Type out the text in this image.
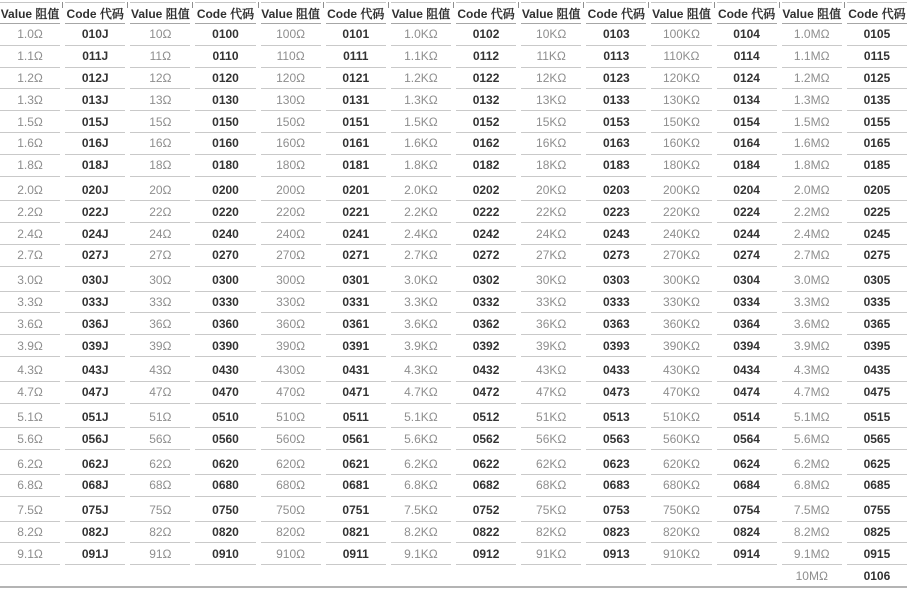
Value 阻值	Code 代码	Value 阻值	Code 代码	Value 阻值	Code 代码	Value 阻值	Code 代码	Value 阻值	Code 代码	Value 阻值	Code 代码	Value 阻值	Code 代码
1.0Ω	010J	10Ω	0100	100Ω	0101	1.0KΩ	0102	10KΩ	0103	100KΩ	0104	1.0MΩ	0105
1.1Ω	011J	11Ω	0110	110Ω	0111	1.1KΩ	0112	11KΩ	0113	110KΩ	0114	1.1MΩ	0115
1.2Ω	012J	12Ω	0120	120Ω	0121	1.2KΩ	0122	12KΩ	0123	120KΩ	0124	1.2MΩ	0125
1.3Ω	013J	13Ω	0130	130Ω	0131	1.3KΩ	0132	13KΩ	0133	130KΩ	0134	1.3MΩ	0135
1.5Ω	015J	15Ω	0150	150Ω	0151	1.5KΩ	0152	15KΩ	0153	150KΩ	0154	1.5MΩ	0155
1.6Ω	016J	16Ω	0160	160Ω	0161	1.6KΩ	0162	16KΩ	0163	160KΩ	0164	1.6MΩ	0165
1.8Ω	018J	18Ω	0180	180Ω	0181	1.8KΩ	0182	18KΩ	0183	180KΩ	0184	1.8MΩ	0185
2.0Ω	020J	20Ω	0200	200Ω	0201	2.0KΩ	0202	20KΩ	0203	200KΩ	0204	2.0MΩ	0205
2.2Ω	022J	22Ω	0220	220Ω	0221	2.2KΩ	0222	22KΩ	0223	220KΩ	0224	2.2MΩ	0225
2.4Ω	024J	24Ω	0240	240Ω	0241	2.4KΩ	0242	24KΩ	0243	240KΩ	0244	2.4MΩ	0245
2.7Ω	027J	27Ω	0270	270Ω	0271	2.7KΩ	0272	27KΩ	0273	270KΩ	0274	2.7MΩ	0275
3.0Ω	030J	30Ω	0300	300Ω	0301	3.0KΩ	0302	30KΩ	0303	300KΩ	0304	3.0MΩ	0305
3.3Ω	033J	33Ω	0330	330Ω	0331	3.3KΩ	0332	33KΩ	0333	330KΩ	0334	3.3MΩ	0335
3.6Ω	036J	36Ω	0360	360Ω	0361	3.6KΩ	0362	36KΩ	0363	360KΩ	0364	3.6MΩ	0365
3.9Ω	039J	39Ω	0390	390Ω	0391	3.9KΩ	0392	39KΩ	0393	390KΩ	0394	3.9MΩ	0395
4.3Ω	043J	43Ω	0430	430Ω	0431	4.3KΩ	0432	43KΩ	0433	430KΩ	0434	4.3MΩ	0435
4.7Ω	047J	47Ω	0470	470Ω	0471	4.7KΩ	0472	47KΩ	0473	470KΩ	0474	4.7MΩ	0475
5.1Ω	051J	51Ω	0510	510Ω	0511	5.1KΩ	0512	51KΩ	0513	510KΩ	0514	5.1MΩ	0515
5.6Ω	056J	56Ω	0560	560Ω	0561	5.6KΩ	0562	56KΩ	0563	560KΩ	0564	5.6MΩ	0565
6.2Ω	062J	62Ω	0620	620Ω	0621	6.2KΩ	0622	62KΩ	0623	620KΩ	0624	6.2MΩ	0625
6.8Ω	068J	68Ω	0680	680Ω	0681	6.8KΩ	0682	68KΩ	0683	680KΩ	0684	6.8MΩ	0685
7.5Ω	075J	75Ω	0750	750Ω	0751	7.5KΩ	0752	75KΩ	0753	750KΩ	0754	7.5MΩ	0755
8.2Ω	082J	82Ω	0820	820Ω	0821	8.2KΩ	0822	82KΩ	0823	820KΩ	0824	8.2MΩ	0825
9.1Ω	091J	91Ω	0910	910Ω	0911	9.1KΩ	0912	91KΩ	0913	910KΩ	0914	9.1MΩ	0915
												10MΩ	0106
